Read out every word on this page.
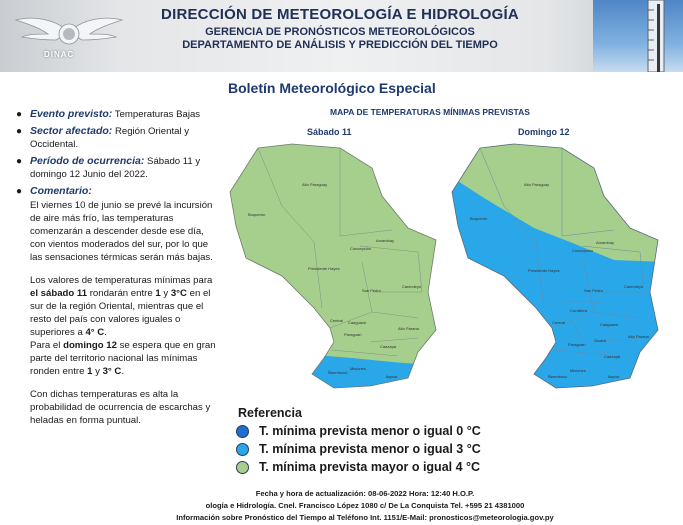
DINAC
DIRECCIÓN DE METEOROLOGÍA E HIDROLOGÍA
GERENCIA DE PRONÓSTICOS METEOROLÓGICOS
DEPARTAMENTO DE ANÁLISIS Y PREDICCIÓN DEL TIEMPO
● Evento previsto: Temperaturas Bajas
● Sector afectado: Región Oriental y Occidental.
● Período de ocurrencia: Sábado 11 y domingo 12 Junio del 2022.
● Comentario:
El viernes 10 de junio se prevé la incursión de aire más frío, las temperaturas comenzarán a descender desde ese día, con vientos moderados del sur, por lo que las sensaciones térmicas serán más bajas.
Los valores de temperaturas mínimas para el sábado 11 rondarán entre 1 y 3°C en el sur de la región Oriental, mientras que el resto del país con valores iguales o superiores a 4° C.
Para el domingo 12 se espera que en gran parte del territorio nacional las mínimas ronden entre 1 y 3° C.
Con dichas temperaturas es alta la probabilidad de ocurrencia de escarchas y heladas en forma puntual.
Boletín Meteorológico Especial
MAPA DE TEMPERATURAS MÍNIMAS PREVISTAS
Sábado 11	Domingo 12
Alto Paraguay
Boquerón
Concepción
Amambay
Presidente Hayes
San Pedro
Canindeyú
Caaguazú
Alto Paraná
Central
Paraguarí
Caazapá
Misiones
Itapúa
Ñeembucú
Alto Paraguay
Boquerón
Concepción
Amambay
Presidente Hayes
San Pedro
Canindeyú
Cordillera
Caaguazú
Alto Paraná
Central
Paraguarí
Guairá
Caazapá
Misiones
Itapúa
Ñeembucú
Referencia
T. mínima prevista menor o igual 0 °C
T. mínima prevista menor o igual 3 °C
T. mínima prevista mayor o igual 4 °C
Fecha y hora de actualización: 08-06-2022 Hora: 12:40 H.O.P.
ología e Hidrología. Cnel. Francisco López 1080 c/ De La Conquista Tel. +595 21 4381000
Información sobre Pronóstico del Tiempo al Teléfono Int. 1151/E-Mail: pronosticos@meteorologia.gov.py
